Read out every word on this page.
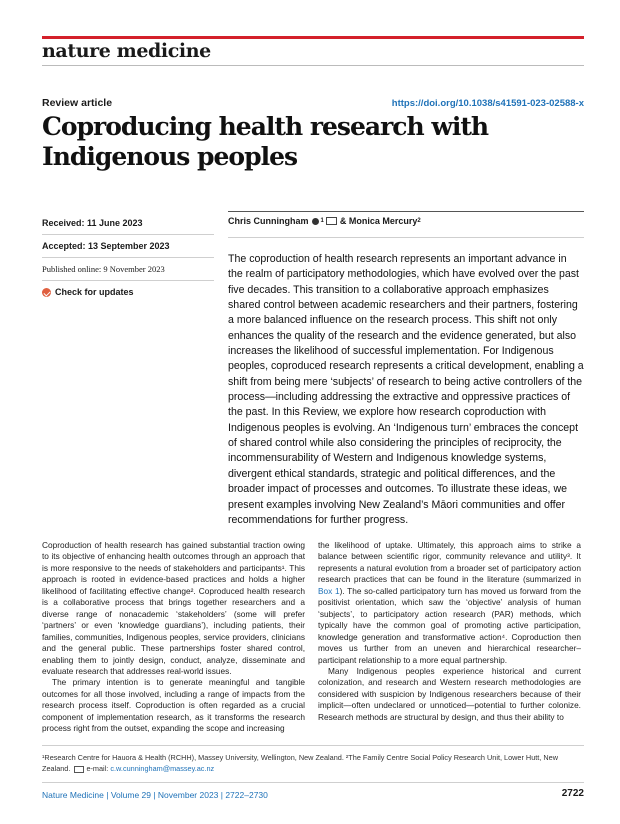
nature medicine
Review article	https://doi.org/10.1038/s41591-023-02588-x
Coproducing health research with
Indigenous peoples
Received: 11 June 2023
Accepted: 13 September 2023
Published online: 9 November 2023
Check for updates
Chris Cunningham 1 &
Monica Mercury 2
The coproduction of health research represents an important advance in the realm of participatory methodologies, which have evolved over the past five decades. This transition to a collaborative approach emphasizes shared control between academic researchers and their partners, fostering a more balanced influence on the research process. This shift not only enhances the quality of the research and the evidence generated, but also increases the likelihood of successful implementation. For Indigenous peoples, coproduced research represents a critical development, enabling a shift from being mere ‘subjects’ of research to being active controllers of the process—including addressing the extractive and oppressive practices of the past. In this Review, we explore how research coproduction with Indigenous peoples is evolving. An ‘Indigenous turn’ embraces the concept of shared control while also considering the principles of reciprocity, the incommensurability of Western and Indigenous knowledge systems, divergent ethical standards, strategic and political differences, and the broader impact of processes and outcomes. To illustrate these ideas, we present examples involving New Zealand’s Māori communities and offer recommendations for further progress.

Coproduction of health research has gained substantial traction owing to its objective of enhancing health outcomes through an approach that is more responsive to the needs of stakeholders and participants¹. This approach is rooted in evidence-based practices and holds a higher likelihood of facilitating effective change². Coproduced health research is a collaborative process that brings together researchers and a diverse range of nonacademic ‘stakeholders’ (some will prefer ‘partners’ or even ‘knowledge guardians’), including patients, their families, communities, Indigenous peoples, service providers, clinicians and the general public. These partnerships foster shared control, enabling them to jointly design, conduct, analyze, disseminate and evaluate research that addresses real-world issues.

The primary intention is to generate meaningful and tangible outcomes for all those involved, including a range of impacts from the research process itself. Coproduction is often regarded as a crucial component of implementation research, as it transforms the research process right from the outset, expanding the scope and increasing

the likelihood of uptake. Ultimately, this approach aims to strike a balance between scientific rigor, community relevance and utility³. It represents a natural evolution from a broader set of participatory action research practices that can be found in the literature (summarized in Box 1). The so-called participatory turn has moved us forward from the positivist orientation, which saw the ‘objective’ analysis of human ‘subjects’, to participatory action research (PAR) methods, which typically have the common goal of promoting active participation, knowledge generation and transformative action⁴. Coproduction then moves us further from an uneven and hierarchical researcher–participant relationship to a more equal partnership.

Many Indigenous peoples experience historical and current colonization, and research and Western research methodologies are considered with suspicion by Indigenous researchers because of their implicit—often undeclared or unnoticed—potential to further colonize. Research methods are structural by design, and thus their ability to

¹Research Centre for Hauora & Health (RCHH), Massey University, Wellington, New Zealand. ²The Family Centre Social Policy Research Unit, Lower Hutt, New Zealand. e-mail: c.w.cunningham@massey.ac.nz
Nature Medicine | Volume 29 | November 2023 | 2722–2730	2722
